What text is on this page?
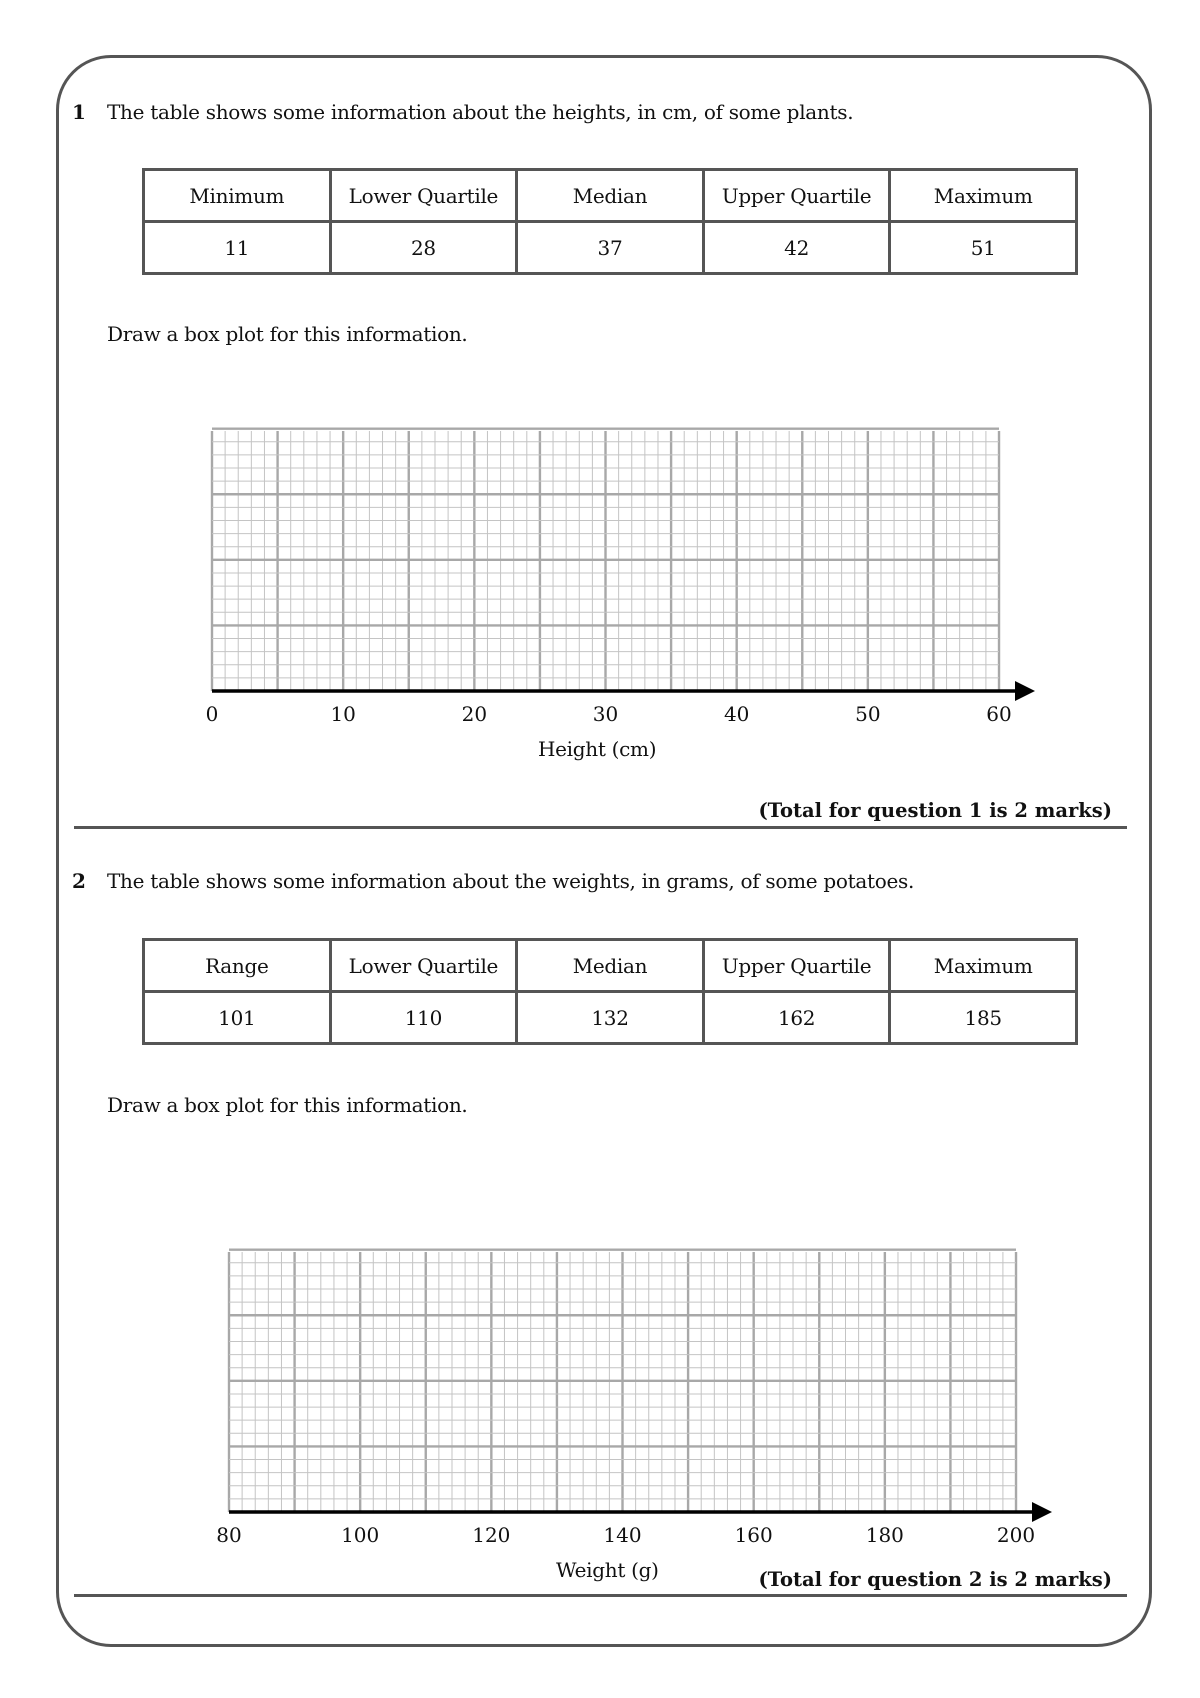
1 The table shows some information about the heights, in cm, of some plants.
Minimum	Lower Quartile	Median	Upper Quartile	Maximum
11	28	37	42	51
Draw a box plot for this information.
0	10	20	30	40	50	60
Height (cm)
(Total for question 1 is 2 marks)
2 The table shows some information about the weights, in grams, of some potatoes.
Range	Lower Quartile	Median	Upper Quartile	Maximum
101	110	132	162	185
Draw a box plot for this information.
80	100	120	140	160	180	200
Weight (g)	(Total for question 2 is 2 marks)
